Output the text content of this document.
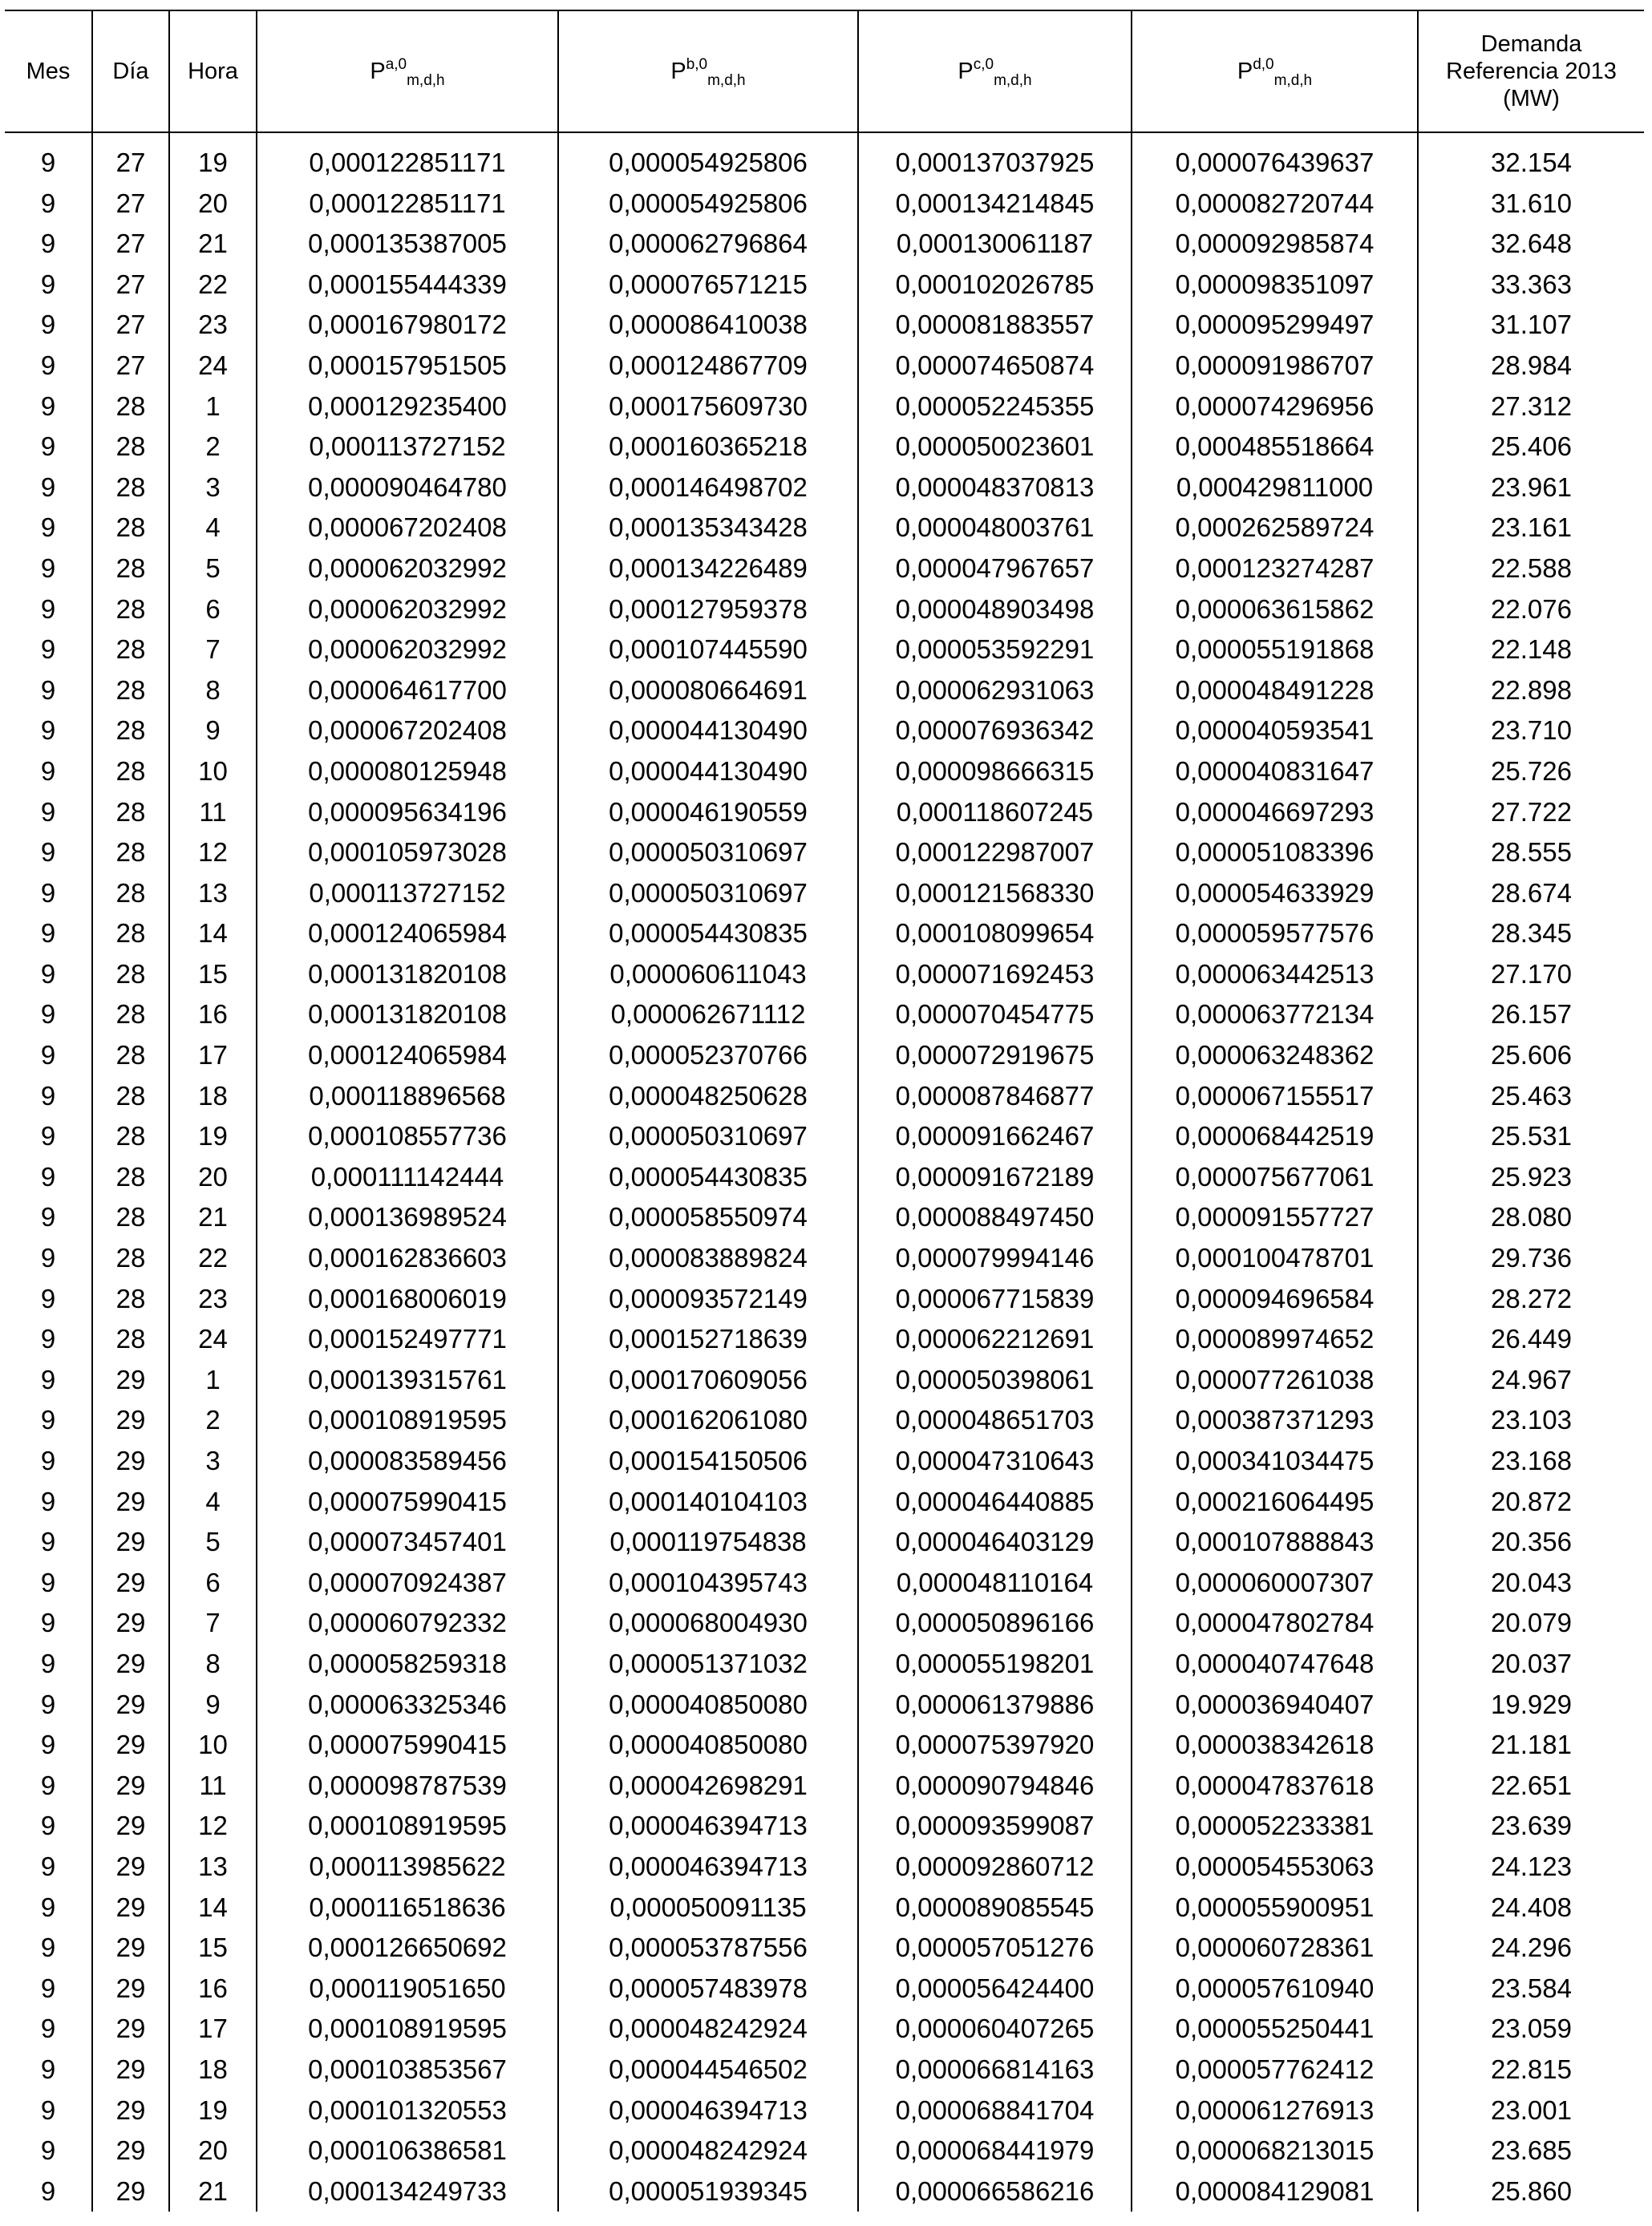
Mes	Día	Hora	P$^{a,0}_{m,d,h}$	P$^{b,0}_{m,d,h}$	P$^{c,0}_{m,d,h}$	P$^{d,0}_{m,d,h}$	Demanda
Referencia 2013
(MW)

9	27	19	0,000122851171	0,000054925806	0,000137037925	0,000076439637	32.154
9	27	20	0,000122851171	0,000054925806	0,000134214845	0,000082720744	31.610
9	27	21	0,000135387005	0,000062796864	0,000130061187	0,000092985874	32.648
9	27	22	0,000155444339	0,000076571215	0,000102026785	0,000098351097	33.363
9	27	23	0,000167980172	0,000086410038	0,000081883557	0,000095299497	31.107
9	27	24	0,000157951505	0,000124867709	0,000074650874	0,000091986707	28.984
9	28	1	0,000129235400	0,000175609730	0,000052245355	0,000074296956	27.312
9	28	2	0,000113727152	0,000160365218	0,000050023601	0,000485518664	25.406
9	28	3	0,000090464780	0,000146498702	0,000048370813	0,000429811000	23.961
9	28	4	0,000067202408	0,000135343428	0,000048003761	0,000262589724	23.161
9	28	5	0,000062032992	0,000134226489	0,000047967657	0,000123274287	22.588
9	28	6	0,000062032992	0,000127959378	0,000048903498	0,000063615862	22.076
9	28	7	0,000062032992	0,000107445590	0,000053592291	0,000055191868	22.148
9	28	8	0,000064617700	0,000080664691	0,000062931063	0,000048491228	22.898
9	28	9	0,000067202408	0,000044130490	0,000076936342	0,000040593541	23.710
9	28	10	0,000080125948	0,000044130490	0,000098666315	0,000040831647	25.726
9	28	11	0,000095634196	0,000046190559	0,000118607245	0,000046697293	27.722
9	28	12	0,000105973028	0,000050310697	0,000122987007	0,000051083396	28.555
9	28	13	0,000113727152	0,000050310697	0,000121568330	0,000054633929	28.674
9	28	14	0,000124065984	0,000054430835	0,000108099654	0,000059577576	28.345
9	28	15	0,000131820108	0,000060611043	0,000071692453	0,000063442513	27.170
9	28	16	0,000131820108	0,000062671112	0,000070454775	0,000063772134	26.157
9	28	17	0,000124065984	0,000052370766	0,000072919675	0,000063248362	25.606
9	28	18	0,000118896568	0,000048250628	0,000087846877	0,000067155517	25.463
9	28	19	0,000108557736	0,000050310697	0,000091662467	0,000068442519	25.531
9	28	20	0,000111142444	0,000054430835	0,000091672189	0,000075677061	25.923
9	28	21	0,000136989524	0,000058550974	0,000088497450	0,000091557727	28.080
9	28	22	0,000162836603	0,000083889824	0,000079994146	0,000100478701	29.736
9	28	23	0,000168006019	0,000093572149	0,000067715839	0,000094696584	28.272
9	28	24	0,000152497771	0,000152718639	0,000062212691	0,000089974652	26.449
9	29	1	0,000139315761	0,000170609056	0,000050398061	0,000077261038	24.967
9	29	2	0,000108919595	0,000162061080	0,000048651703	0,000387371293	23.103
9	29	3	0,000083589456	0,000154150506	0,000047310643	0,000341034475	23.168
9	29	4	0,000075990415	0,000140104103	0,000046440885	0,000216064495	20.872
9	29	5	0,000073457401	0,000119754838	0,000046403129	0,000107888843	20.356
9	29	6	0,000070924387	0,000104395743	0,000048110164	0,000060007307	20.043
9	29	7	0,000060792332	0,000068004930	0,000050896166	0,000047802784	20.079
9	29	8	0,000058259318	0,000051371032	0,000055198201	0,000040747648	20.037
9	29	9	0,000063325346	0,000040850080	0,000061379886	0,000036940407	19.929
9	29	10	0,000075990415	0,000040850080	0,000075397920	0,000038342618	21.181
9	29	11	0,000098787539	0,000042698291	0,000090794846	0,000047837618	22.651
9	29	12	0,000108919595	0,000046394713	0,000093599087	0,000052233381	23.639
9	29	13	0,000113985622	0,000046394713	0,000092860712	0,000054553063	24.123
9	29	14	0,000116518636	0,000050091135	0,000089085545	0,000055900951	24.408
9	29	15	0,000126650692	0,000053787556	0,000057051276	0,000060728361	24.296
9	29	16	0,000119051650	0,000057483978	0,000056424400	0,000057610940	23.584
9	29	17	0,000108919595	0,000048242924	0,000060407265	0,000055250441	23.059
9	29	18	0,000103853567	0,000044546502	0,000066814163	0,000057762412	22.815
9	29	19	0,000101320553	0,000046394713	0,000068841704	0,000061276913	23.001
9	29	20	0,000106386581	0,000048242924	0,000068441979	0,000068213015	23.685
9	29	21	0,000134249733	0,000051939345	0,000066586216	0,000084129081	25.860
